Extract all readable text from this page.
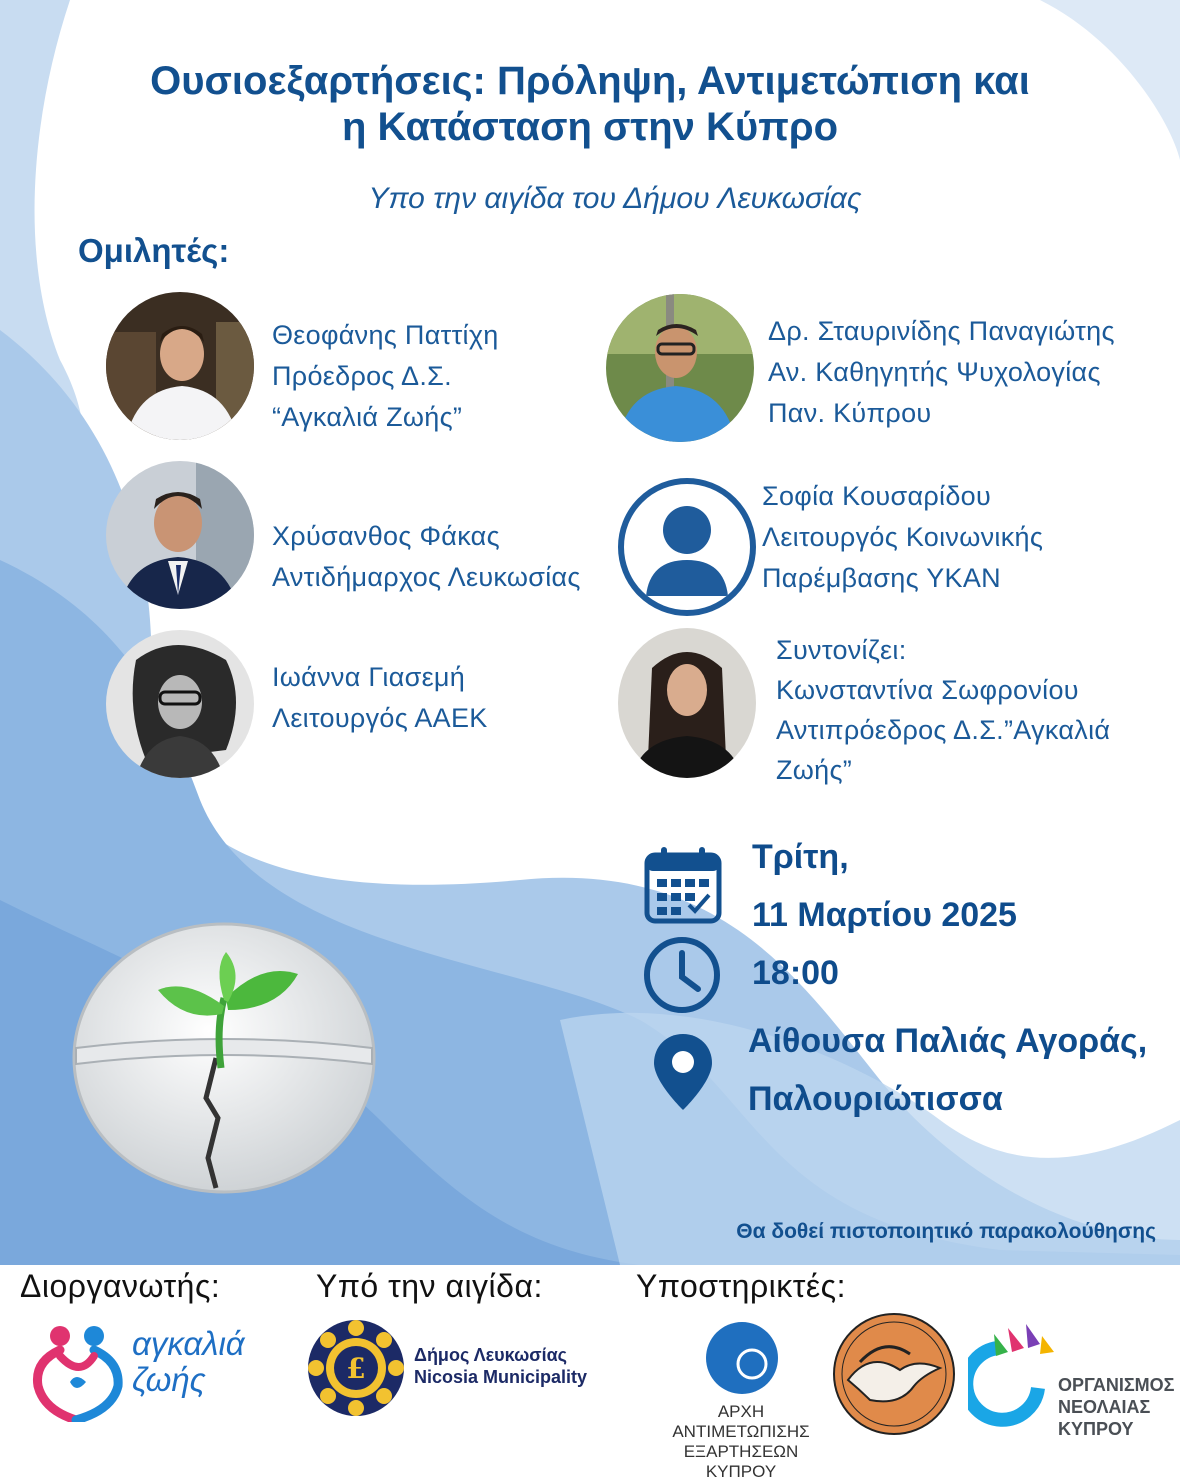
Ουσιοεξαρτήσεις: Πρόληψη, Αντιμετώπιση και
η Κατάσταση στην Κύπρο
Υπο την αιγίδα του Δήμου Λευκωσίας
Ομιλητές:
Θεοφάνης Παττίχη
Πρόεδρος Δ.Σ.
“Αγκαλιά Ζωής”
Δρ. Σταυρινίδης Παναγιώτης
Αν. Καθηγητής Ψυχολογίας
Παν. Κύπρου
Χρύσανθος Φάκας
Αντιδήμαρχος Λευκωσίας
Σοφία Κουσαρίδου
Λειτουργός Κοινωνικής
Παρέμβασης ΥΚΑΝ
Ιωάννα Γιασεμή
Λειτουργός ΑΑΕΚ
Συντονίζει:
Κωνσταντίνα Σωφρονίου
Αντιπρόεδρος Δ.Σ.”Αγκαλιά
Ζωής”
Τρίτη,
11 Μαρτίου 2025
18:00
Αίθουσα Παλιάς Αγοράς,
Παλουριώτισσα
Θα δοθεί πιστοποιητικό παρακολούθησης
Διοργανωτής:	Υπό την αιγίδα:	Υποστηρικτές:
αγκαλιά
ζωής	£	Δήμος Λευκωσίας
Nicosia Municipality
ΑΡΧΗ ΑΝΤΙΜΕΤΩΠΙΣΗΣ
ΕΞΑΡΤΗΣΕΩΝ ΚΥΠΡΟΥ
ΟΡΓΑΝΙΣΜΟΣ
ΝΕΟΛΑΙΑΣ
ΚΥΠΡΟΥ
